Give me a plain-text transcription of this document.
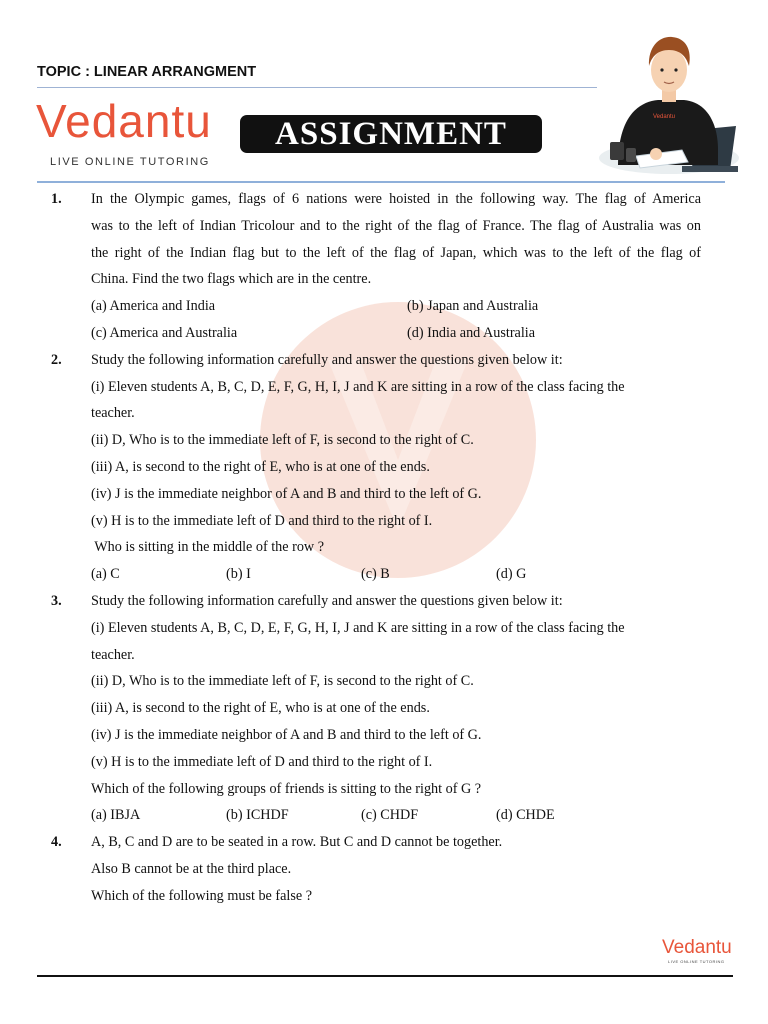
TOPIC : LINEAR ARRANGMENT
Vedantu
LIVE ONLINE TUTORING
ASSIGNMENT	Vedantu
1. In the Olympic games, flags of 6 nations were hoisted in the following way. The flag of America
was to the left of Indian Tricolour and to the right of the flag of France. The flag of Australia was on
the right of the Indian flag but to the left of the flag of Japan, which was to the left of the flag of
China. Find the two flags which are in the centre.
(a) America and India	(b) Japan and Australia
(c) America and Australia	(d) India and Australia
2. Study the following information carefully and answer the questions given below it:
(i) Eleven students A, B, C, D, E, F, G, H, I, J and K are sitting in a row of the class facing the
teacher.
(ii) D, Who is to the immediate left of F, is second to the right of C.
(iii) A, is second to the right of E, who is at one of the ends.
(iv) J is the immediate neighbor of A and B and third to the left of G.
(v) H is to the immediate left of D and third to the right of I.
Who is sitting in the middle of the row ?
(a) C	(b) I	(c) B	(d) G
3. Study the following information carefully and answer the questions given below it:
(i) Eleven students A, B, C, D, E, F, G, H, I, J and K are sitting in a row of the class facing the
teacher.
(ii) D, Who is to the immediate left of F, is second to the right of C.
(iii) A, is second to the right of E, who is at one of the ends.
(iv) J is the immediate neighbor of A and B and third to the left of G.
(v) H is to the immediate left of D and third to the right of I.
Which of the following groups of friends is sitting to the right of G ?
(a) IBJA	(b) ICHDF	(c) CHDF	(d) CHDE
4. A, B, C and D are to be seated in a row. But C and D cannot be together.
Also B cannot be at the third place.
Which of the following must be false ?
Vedantu
LIVE ONLINE TUTORING
